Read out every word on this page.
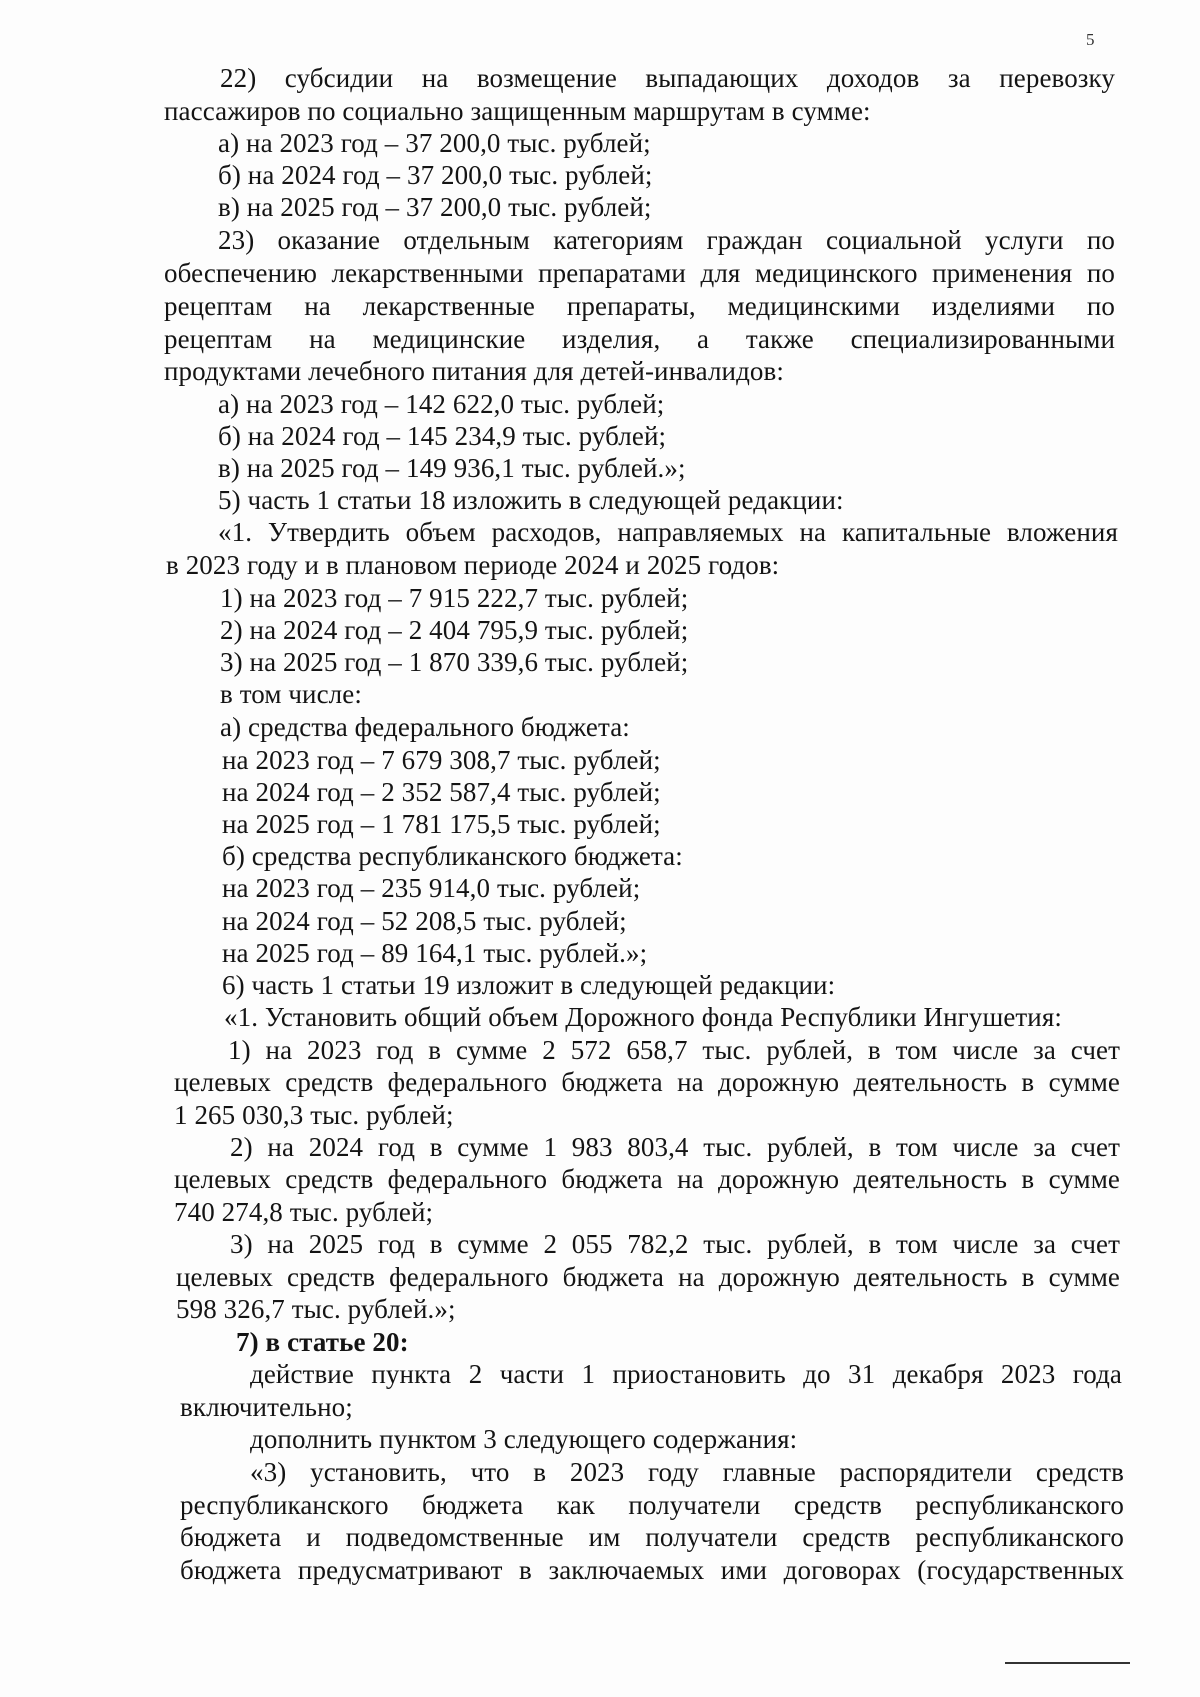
5
22) субсидии на возмещение выпадающих доходов за перевозку
пассажиров по социально защищенным маршрутам в сумме:
а) на 2023 год – 37 200,0 тыс. рублей;
б) на 2024 год – 37 200,0 тыс. рублей;
в) на 2025 год – 37 200,0 тыс. рублей;
23) оказание отдельным категориям граждан социальной услуги по
обеспечению лекарственными препаратами для медицинского применения по
рецептам на лекарственные препараты, медицинскими изделиями по
рецептам на медицинские изделия, а также специализированными
продуктами лечебного питания для детей-инвалидов:
а) на 2023 год – 142 622,0 тыс. рублей;
б) на 2024 год – 145 234,9 тыс. рублей;
в) на 2025 год – 149 936,1 тыс. рублей.»;
5) часть 1 статьи 18 изложить в следующей редакции:
«1. Утвердить объем расходов, направляемых на капитальные вложения
в 2023 году и в плановом периоде 2024 и 2025 годов:
1) на 2023 год – 7 915 222,7 тыс. рублей;
2) на 2024 год – 2 404 795,9 тыс. рублей;
3) на 2025 год – 1 870 339,6 тыс. рублей;
в том числе:
а) средства федерального бюджета:
на 2023 год – 7 679 308,7 тыс. рублей;
на 2024 год – 2 352 587,4 тыс. рублей;
на 2025 год – 1 781 175,5 тыс. рублей;
б) средства республиканского бюджета:
на 2023 год – 235 914,0 тыс. рублей;
на 2024 год – 52 208,5 тыс. рублей;
на 2025 год – 89 164,1 тыс. рублей.»;
6) часть 1 статьи 19 изложит в следующей редакции:
«1. Установить общий объем Дорожного фонда Республики Ингушетия:
1) на 2023 год в сумме 2 572 658,7 тыс. рублей, в том числе за счет
целевых средств федерального бюджета на дорожную деятельность в сумме
1 265 030,3 тыс. рублей;
2) на 2024 год в сумме 1 983 803,4 тыс. рублей, в том числе за счет
целевых средств федерального бюджета на дорожную деятельность в сумме
740 274,8 тыс. рублей;
3) на 2025 год в сумме 2 055 782,2 тыс. рублей, в том числе за счет
целевых средств федерального бюджета на дорожную деятельность в сумме
598 326,7 тыс. рублей.»;
7) в статье 20:
действие пункта 2 части 1 приостановить до 31 декабря 2023 года
включительно;
дополнить пунктом 3 следующего содержания:
«3) установить, что в 2023 году главные распорядители средств
республиканского бюджета как получатели средств республиканского
бюджета и подведомственные им получатели средств республиканского
бюджета предусматривают в заключаемых ими договорах (государственных
